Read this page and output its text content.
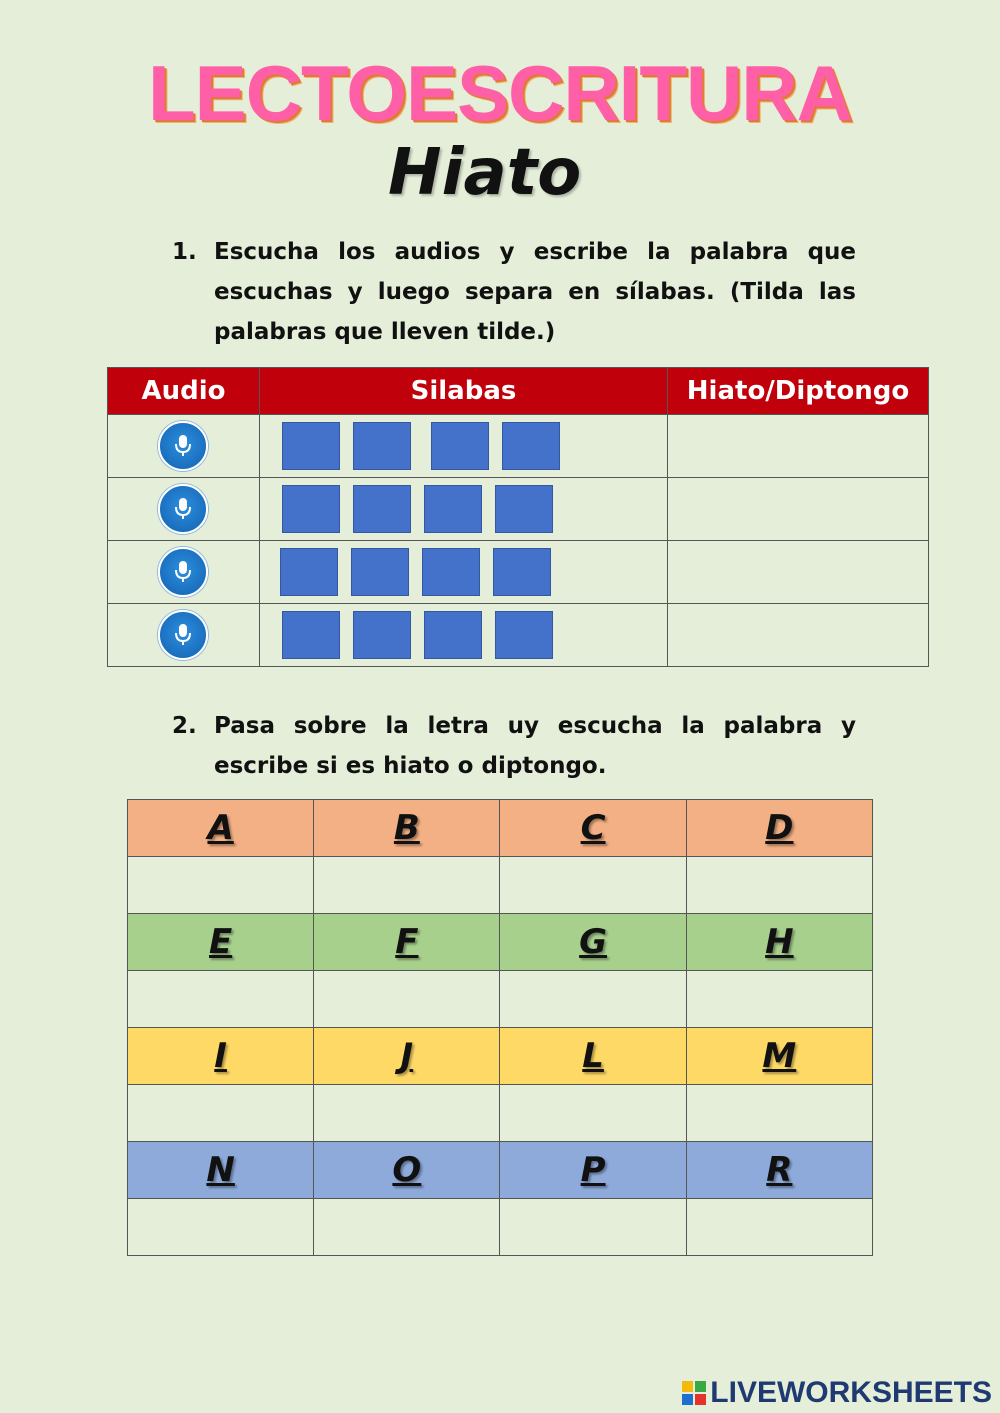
LECTOESCRITURA
Hiato
1. Escucha los audios y escribe la palabra que escuchas y luego separa en sílabas. (Tilda las palabras que lleven tilde.)
Audio	Silabas	Hiato/Diptongo

2. Pasa sobre la letra uy escucha la palabra y escribe si es hiato o diptongo.
A	B	C	D

E	F	G	H

I	J	L	M

N	O	P	R

LIVEWORKSHEETS
